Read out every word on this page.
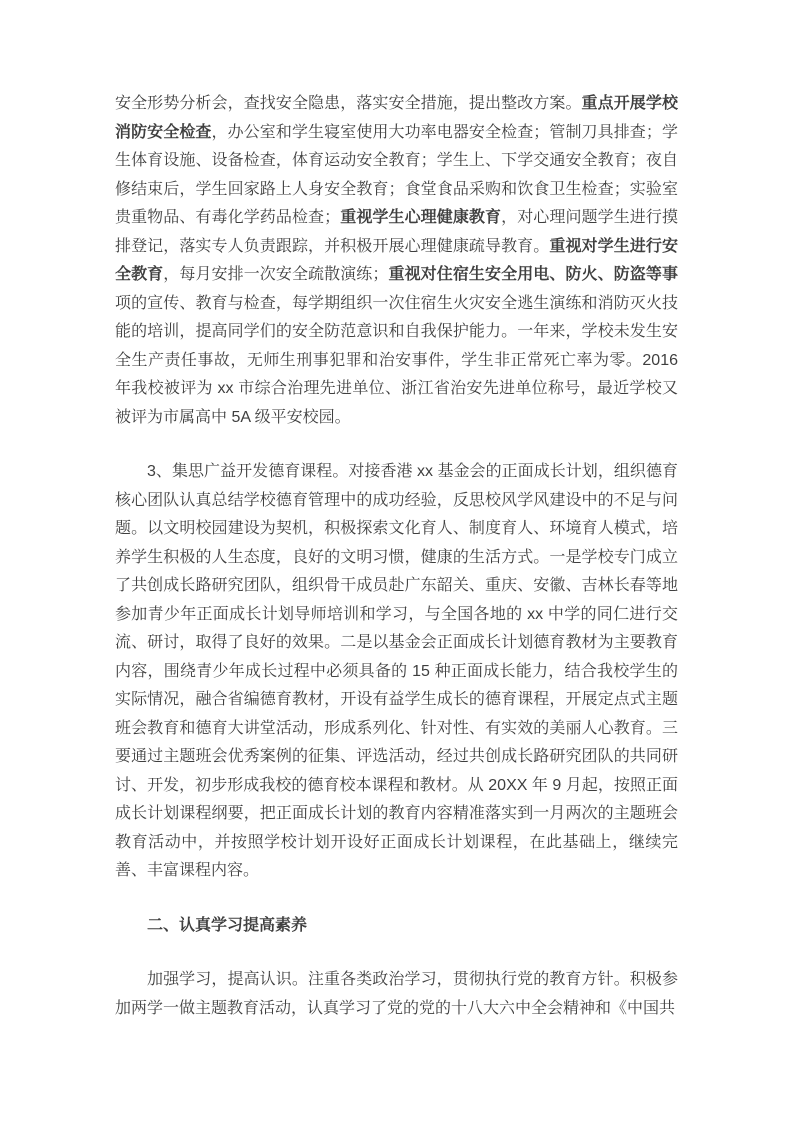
安全形势分析会，查找安全隐患，落实安全措施，提出整改方案。重点开展学校消防安全检查，办公室和学生寝室使用大功率电器安全检查；管制刀具排查；学生体育设施、设备检查，体育运动安全教育；学生上、下学交通安全教育；夜自修结束后，学生回家路上人身安全教育；食堂食品采购和饮食卫生检查；实验室贵重物品、有毒化学药品检查；重视学生心理健康教育，对心理问题学生进行摸排登记，落实专人负责跟踪，并积极开展心理健康疏导教育。重视对学生进行安全教育，每月安排一次安全疏散演练；重视对住宿生安全用电、防火、防盗等事项的宣传、教育与检查，每学期组织一次住宿生火灾安全逃生演练和消防灭火技能的培训，提高同学们的安全防范意识和自我保护能力。一年来，学校未发生安全生产责任事故，无师生刑事犯罪和治安事件，学生非正常死亡率为零。2016 年我校被评为 xx 市综合治理先进单位、浙江省治安先进单位称号，最近学校又被评为市属高中 5A 级平安校园。

3、集思广益开发德育课程。对接香港 xx 基金会的正面成长计划，组织德育核心团队认真总结学校德育管理中的成功经验，反思校风学风建设中的不足与问题。以文明校园建设为契机，积极探索文化育人、制度育人、环境育人模式，培养学生积极的人生态度，良好的文明习惯，健康的生活方式。一是学校专门成立了共创成长路研究团队，组织骨干成员赴广东韶关、重庆、安徽、吉林长春等地参加青少年正面成长计划导师培训和学习，与全国各地的 xx 中学的同仁进行交流、研讨，取得了良好的效果。二是以基金会正面成长计划德育教材为主要教育内容，围绕青少年成长过程中必须具备的 15 种正面成长能力，结合我校学生的实际情况，融合省编德育教材，开设有益学生成长的德育课程，开展定点式主题班会教育和德育大讲堂活动，形成系列化、针对性、有实效的美丽人心教育。三要通过主题班会优秀案例的征集、评选活动，经过共创成长路研究团队的共同研讨、开发，初步形成我校的德育校本课程和教材。从 20XX 年 9 月起，按照正面成长计划课程纲要，把正面成长计划的教育内容精准落实到一月两次的主题班会教育活动中，并按照学校计划开设好正面成长计划课程，在此基础上，继续完善、丰富课程内容。

二、认真学习提高素养

加强学习，提高认识。注重各类政治学习，贯彻执行党的教育方针。积极参加两学一做主题教育活动，认真学习了党的党的十八大六中全会精神和《中国共
